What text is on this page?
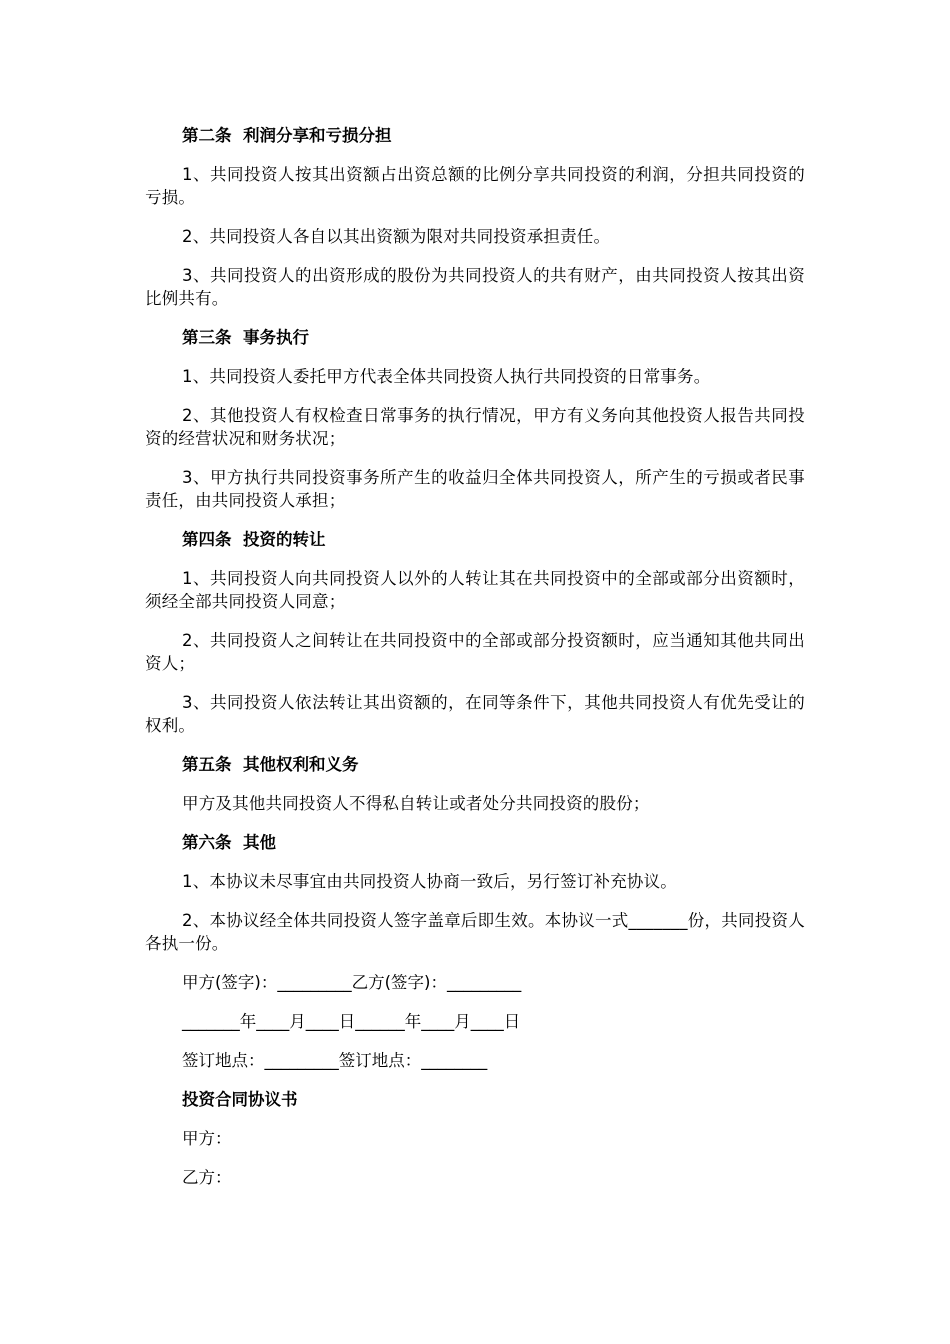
第二条  利润分享和亏损分担

1、共同投资人按其出资额占出资总额的比例分享共同投资的利润，分担共同投资的亏损。

2、共同投资人各自以其出资额为限对共同投资承担责任。

3、共同投资人的出资形成的股份为共同投资人的共有财产，由共同投资人按其出资比例共有。

第三条  事务执行

1、共同投资人委托甲方代表全体共同投资人执行共同投资的日常事务。

2、其他投资人有权检查日常事务的执行情况，甲方有义务向其他投资人报告共同投资的经营状况和财务状况；

3、甲方执行共同投资事务所产生的收益归全体共同投资人，所产生的亏损或者民事责任，由共同投资人承担；

第四条  投资的转让

1、共同投资人向共同投资人以外的人转让其在共同投资中的全部或部分出资额时，须经全部共同投资人同意；

2、共同投资人之间转让在共同投资中的全部或部分投资额时，应当通知其他共同出资人；

3、共同投资人依法转让其出资额的，在同等条件下，其他共同投资人有优先受让的权利。

第五条  其他权利和义务

甲方及其他共同投资人不得私自转让或者处分共同投资的股份；

第六条  其他

1、本协议未尽事宜由共同投资人协商一致后，另行签订补充协议。

2、本协议经全体共同投资人签字盖章后即生效。本协议一式_______份，共同投资人各执一份。

甲方(签字)：_________乙方(签字)：_________

_______年____月____日______年____月____日

签订地点：_________签订地点：________

投资合同协议书

甲方：

乙方：
